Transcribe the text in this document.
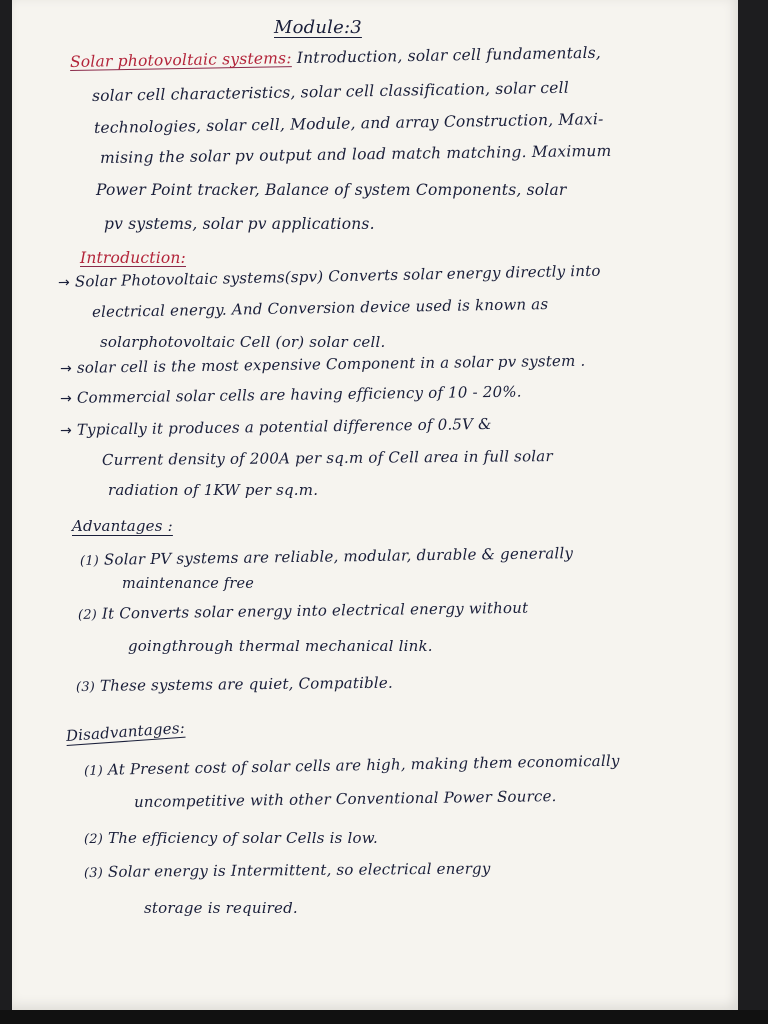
Module:3
Solar photovoltaic systems: Introduction, solar cell fundamentals,
solar cell characteristics, solar cell classification, solar cell
technologies, solar cell, Module, and array Construction, Maxi-
mising the solar pv output and load match matching. Maximum
Power Point tracker, Balance of system Components, solar
pv systems, solar pv applications.
Introduction:
→ Solar Photovoltaic systems(spv) Converts solar energy directly into
electrical energy. And Conversion device used is known as
solarphotovoltaic Cell (or) solar cell.
→ solar cell is the most expensive Component in a solar pv system .
→ Commercial solar cells are having efficiency of 10 - 20%.
→ Typically it produces a potential difference of 0.5V &
Current density of 200A per sq.m of Cell area in full solar
radiation of 1KW per sq.m.
Advantages :
(1) Solar PV systems are reliable, modular, durable & generally
maintenance free
(2) It Converts solar energy into electrical energy without
goingthrough thermal mechanical link.
(3) These systems are quiet, Compatible.
Disadvantages:
(1) At Present cost of solar cells are high, making them economically
uncompetitive with other Conventional Power Source.
(2) The efficiency of solar Cells is low.
(3) Solar energy is Intermittent, so electrical energy
storage is required.
